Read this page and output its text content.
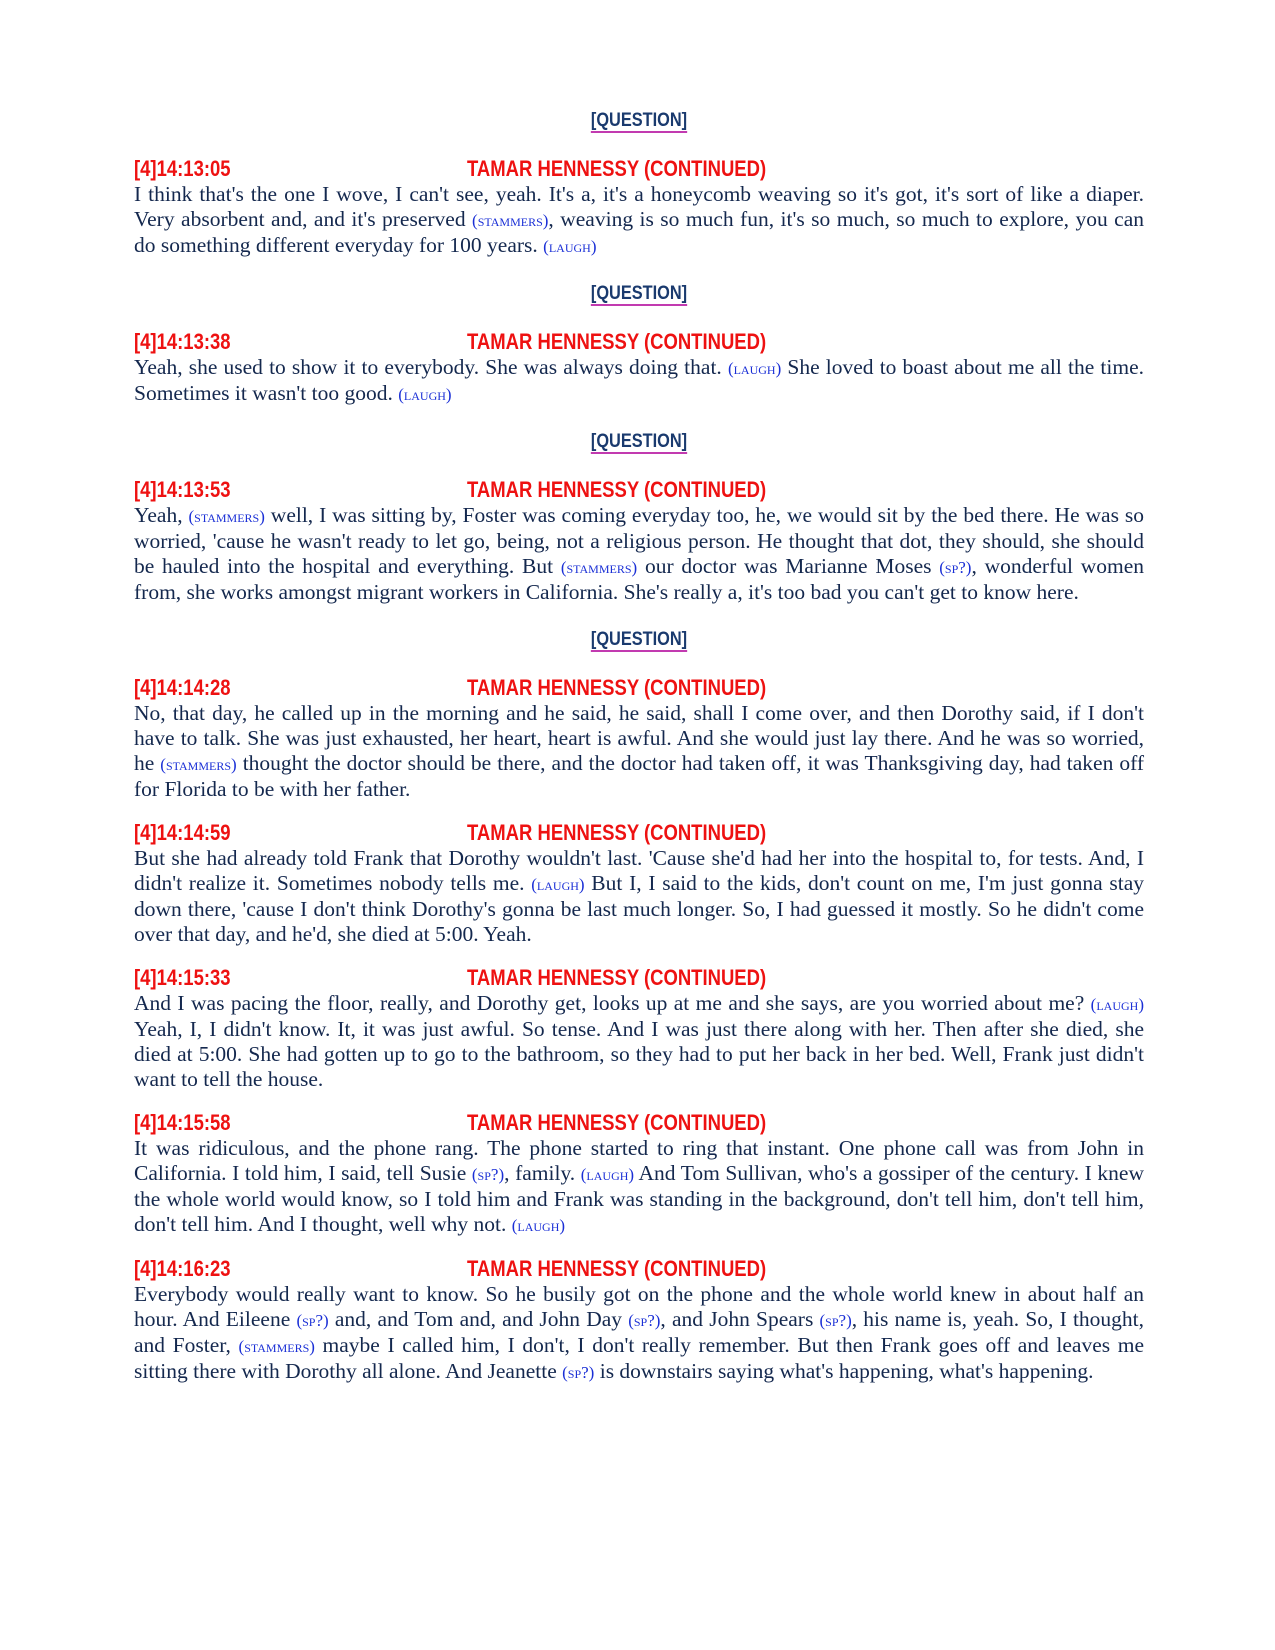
[QUESTION]
[4]14:13:05	TAMAR HENNESSY (CONTINUED)

I think that's the one I wove, I can't see, yeah. It's a, it's a honeycomb weaving so it's got, it's sort of like a diaper. Very absorbent and, and it's preserved (stammers), weaving is so much fun, it's so much, so much to explore, you can do something different everyday for 100 years. (laugh)

[QUESTION]
[4]14:13:38	TAMAR HENNESSY (CONTINUED)

Yeah, she used to show it to everybody. She was always doing that. (laugh) She loved to boast about me all the time. Sometimes it wasn't too good. (laugh)

[QUESTION]
[4]14:13:53	TAMAR HENNESSY (CONTINUED)

Yeah, (stammers) well, I was sitting by, Foster was coming everyday too, he, we would sit by the bed there. He was so worried, 'cause he wasn't ready to let go, being, not a religious person. He thought that dot, they should, she should be hauled into the hospital and everything. But (stammers) our doctor was Marianne Moses (sp?), wonderful women from, she works amongst migrant workers in California. She's really a, it's too bad you can't get to know here.

[QUESTION]
[4]14:14:28	TAMAR HENNESSY (CONTINUED)

No, that day, he called up in the morning and he said, he said, shall I come over, and then Dorothy said, if I don't have to talk. She was just exhausted, her heart, heart is awful. And she would just lay there. And he was so worried, he (stammers) thought the doctor should be there, and the doctor had taken off, it was Thanksgiving day, had taken off for Florida to be with her father.

[4]14:14:59	TAMAR HENNESSY (CONTINUED)

But she had already told Frank that Dorothy wouldn't last. 'Cause she'd had her into the hospital to, for tests. And, I didn't realize it. Sometimes nobody tells me. (laugh) But I, I said to the kids, don't count on me, I'm just gonna stay down there, 'cause I don't think Dorothy's gonna be last much longer. So, I had guessed it mostly. So he didn't come over that day, and he'd, she died at 5:00. Yeah.

[4]14:15:33	TAMAR HENNESSY (CONTINUED)

And I was pacing the floor, really, and Dorothy get, looks up at me and she says, are you worried about me? (laugh) Yeah, I, I didn't know. It, it was just awful. So tense. And I was just there along with her. Then after she died, she died at 5:00. She had gotten up to go to the bathroom, so they had to put her back in her bed. Well, Frank just didn't want to tell the house.

[4]14:15:58	TAMAR HENNESSY (CONTINUED)

It was ridiculous, and the phone rang. The phone started to ring that instant. One phone call was from John in California. I told him, I said, tell Susie (sp?), family. (laugh) And Tom Sullivan, who's a gossiper of the century. I knew the whole world would know, so I told him and Frank was standing in the background, don't tell him, don't tell him, don't tell him. And I thought, well why not. (laugh)

[4]14:16:23	TAMAR HENNESSY (CONTINUED)

Everybody would really want to know. So he busily got on the phone and the whole world knew in about half an hour. And Eileene (sp?) and, and Tom and, and John Day (sp?), and John Spears (sp?), his name is, yeah. So, I thought, and Foster, (stammers) maybe I called him, I don't, I don't really remember. But then Frank goes off and leaves me sitting there with Dorothy all alone. And Jeanette (sp?) is downstairs saying what's happening, what's happening.
